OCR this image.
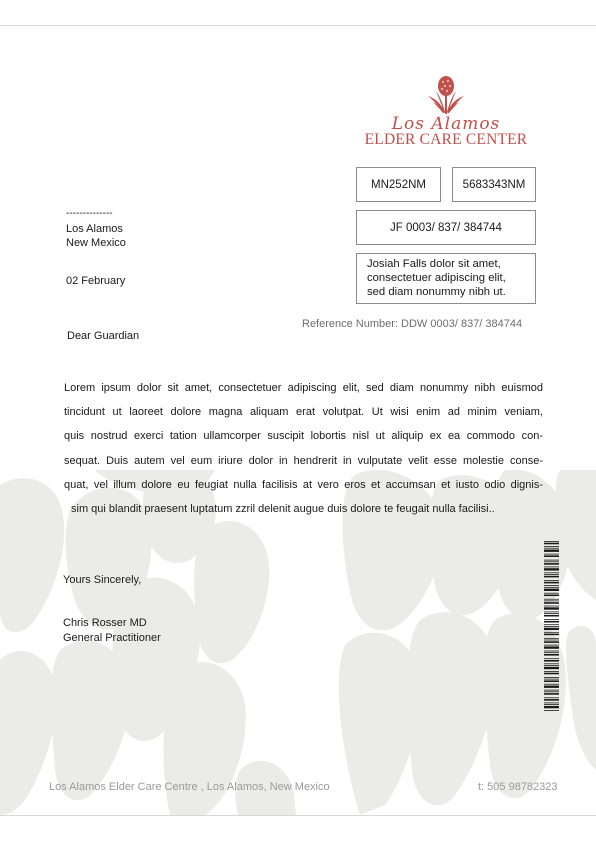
Los Alamos
ELDER CARE CENTER
MN252NM	5683343NM
JF 0003/ 837/ 384744
Josiah Falls dolor sit amet,
consectetuer adipiscing elit,
sed diam nonummy nibh ut.
Reference Number: DDW 0003/ 837/ 384744
--------------
Los Alamos
New Mexico
02 February
Dear Guardian
Lorem ipsum dolor sit amet, consectetuer adipiscing elit, sed diam nonummy nibh euismod
tincidunt ut laoreet dolore magna aliquam erat volutpat. Ut wisi enim ad minim veniam,
quis nostrud exerci tation ullamcorper suscipit lobortis nisl ut aliquip ex ea commodo con-
sequat. Duis autem vel eum iriure dolor in hendrerit in vulputate velit esse molestie conse-
quat, vel illum dolore eu feugiat nulla facilisis at vero eros et accumsan et iusto odio dignis-
sim qui blandit praesent luptatum zzril delenit augue duis dolore te feugait nulla facilisi..
Yours Sincerely,
Chris Rosser MD
General Practitioner
Los Alamos Elder Care Centre , Los Alamos, New Mexico	t: 505 98782323
